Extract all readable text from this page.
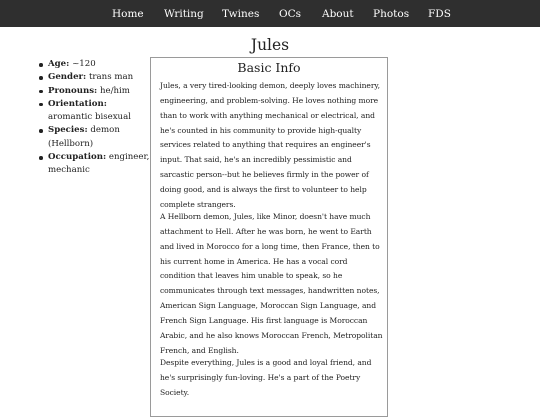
Home Writing Twines OCs About Photos FDS
Jules
Age: ~120
Gender: trans man
Pronouns: he/him
Orientation: aromantic bisexual
Species: demon (Hellborn)
Occupation: engineer, mechanic
Basic Info

Jules, a very tired-looking demon, deeply loves machinery, engineering, and problem-solving. He loves nothing more than to work with anything mechanical or electrical, and he's counted in his community to provide high-qualty services related to anything that requires an engineer's input. That said, he's an incredibly pessimistic and sarcastic person--but he believes firmly in the power of doing good, and is always the first to volunteer to help complete strangers.

A Hellborn demon, Jules, like Minor, doesn't have much attachment to Hell. After he was born, he went to Earth and lived in Morocco for a long time, then France, then to his current home in America. He has a vocal cord condition that leaves him unable to speak, so he communicates through text messages, handwritten notes, American Sign Language, Moroccan Sign Language, and French Sign Language. His first language is Moroccan Arabic, and he also knows Moroccan French, Metropolitan French, and English.

Despite everything, Jules is a good and loyal friend, and he's surprisingly fun-loving. He's a part of the Poetry Society.
